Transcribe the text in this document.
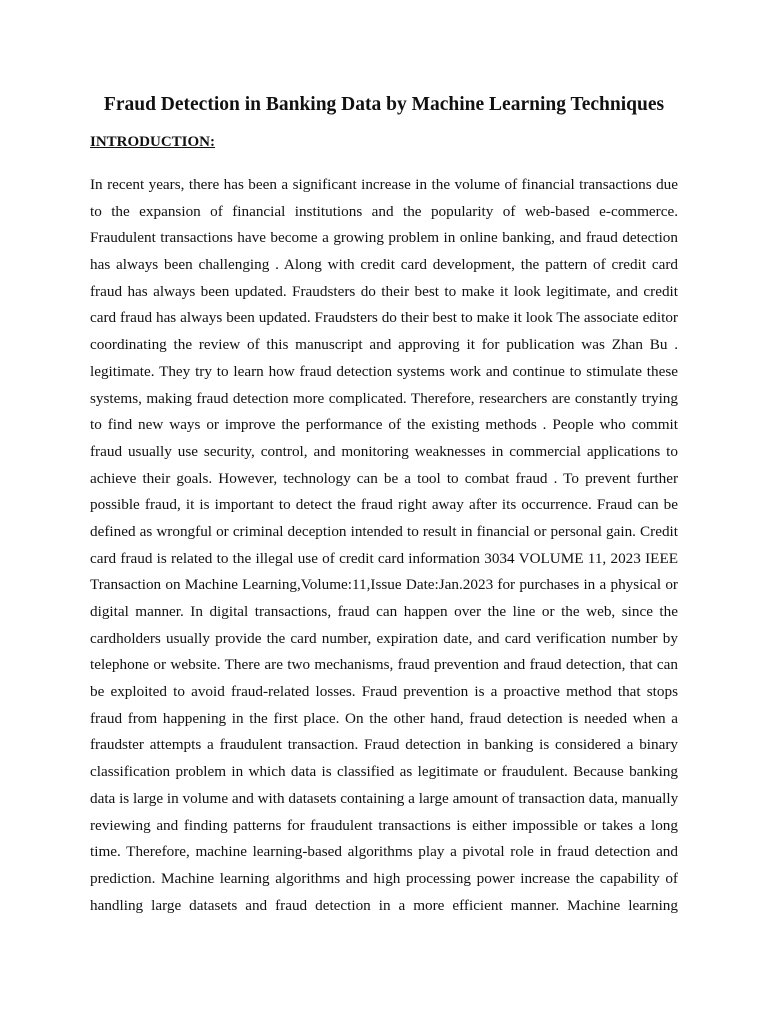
Fraud Detection in Banking Data by Machine Learning Techniques
INTRODUCTION:
In recent years, there has been a significant increase in the volume of financial transactions due
to the expansion of financial institutions and the popularity of web-based e-commerce.
Fraudulent transactions have become a growing problem in online banking, and fraud detection
has always been challenging . Along with credit card development, the pattern of credit card
fraud has always been updated. Fraudsters do their best to make it look legitimate, and credit
card fraud has always been updated. Fraudsters do their best to make it look The associate editor
coordinating the review of this manuscript and approving it for publication was Zhan Bu .
legitimate. They try to learn how fraud detection systems work and continue to stimulate these
systems, making fraud detection more complicated. Therefore, researchers are constantly trying
to find new ways or improve the performance of the existing methods . People who commit
fraud usually use security, control, and monitoring weaknesses in commercial applications to
achieve their goals. However, technology can be a tool to combat fraud . To prevent further
possible fraud, it is important to detect the fraud right away after its occurrence. Fraud can be
defined as wrongful or criminal deception intended to result in financial or personal gain. Credit
card fraud is related to the illegal use of credit card information 3034 VOLUME 11, 2023 IEEE
Transaction on Machine Learning,Volume:11,Issue Date:Jan.2023 for purchases in a physical or
digital manner. In digital transactions, fraud can happen over the line or the web, since the
cardholders usually provide the card number, expiration date, and card verification number by
telephone or website. There are two mechanisms, fraud prevention and fraud detection, that can
be exploited to avoid fraud-related losses. Fraud prevention is a proactive method that stops
fraud from happening in the first place. On the other hand, fraud detection is needed when a
fraudster attempts a fraudulent transaction. Fraud detection in banking is considered a binary
classification problem in which data is classified as legitimate or fraudulent. Because banking
data is large in volume and with datasets containing a large amount of transaction data, manually
reviewing and finding patterns for fraudulent transactions is either impossible or takes a long
time. Therefore, machine learning-based algorithms play a pivotal role in fraud detection and
prediction. Machine learning algorithms and high processing power increase the capability of
handling large datasets and fraud detection in a more efficient manner. Machine learning
